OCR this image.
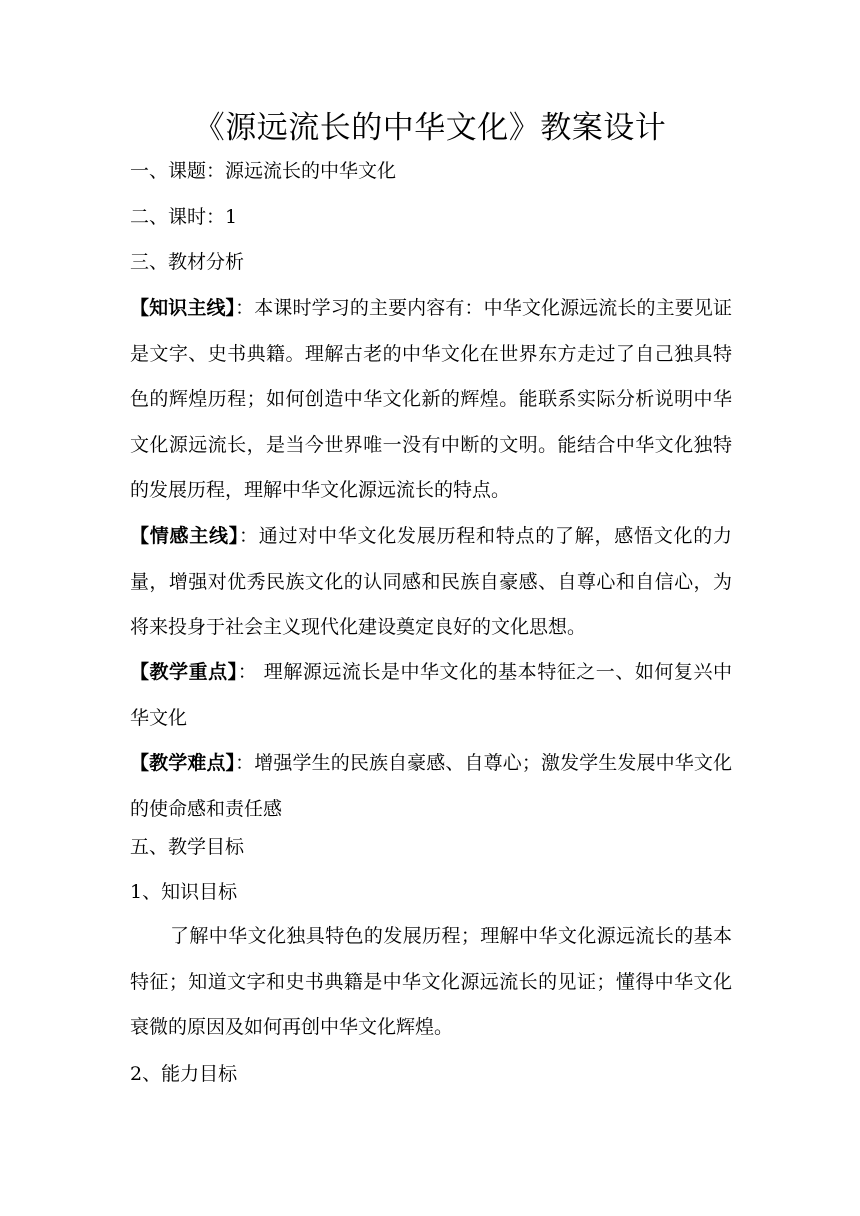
《源远流长的中华文化》教案设计
一、课题：源远流长的中华文化
二、课时：1
三、教材分析
【知识主线】：本课时学习的主要内容有：中华文化源远流长的主要见证是文字、史书典籍。理解古老的中华文化在世界东方走过了自己独具特色的辉煌历程；如何创造中华文化新的辉煌。能联系实际分析说明中华文化源远流长，是当今世界唯一没有中断的文明。能结合中华文化独特的发展历程，理解中华文化源远流长的特点。
【情感主线】：通过对中华文化发展历程和特点的了解，感悟文化的力量，增强对优秀民族文化的认同感和民族自豪感、自尊心和自信心，为将来投身于社会主义现代化建设奠定良好的文化思想。
【教学重点】： 理解源远流长是中华文化的基本特征之一、如何复兴中华文化
【教学难点】：增强学生的民族自豪感、自尊心；激发学生发展中华文化的使命感和责任感
五、教学目标
1、知识目标
了解中华文化独具特色的发展历程；理解中华文化源远流长的基本特征；知道文字和史书典籍是中华文化源远流长的见证；懂得中华文化衰微的原因及如何再创中华文化辉煌。
2、能力目标
